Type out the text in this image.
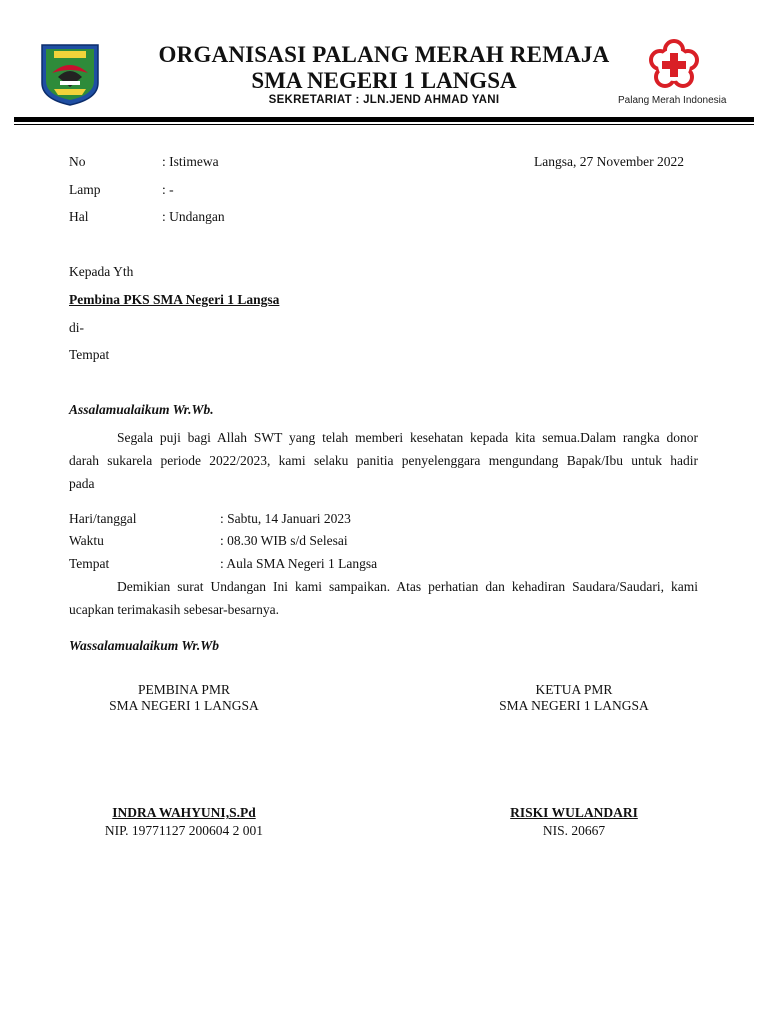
ORGANISASI PALANG MERAH REMAJA
SMA NEGERI 1 LANGSA
SEKRETARIAT : JLN.JEND AHMAD YANI	Palang Merah Indonesia
No	: Istimewa	Langsa, 27 November 2022
Lamp	: -
Hal	: Undangan
Kepada Yth
Pembina PKS SMA Negeri 1 Langsa
di-
Tempat
Assalamualaikum Wr.Wb.
Segala puji bagi Allah SWT yang telah memberi kesehatan kepada kita semua.Dalam rangka donor
darah sukarela periode 2022/2023, kami selaku panitia penyelenggara mengundang Bapak/Ibu untuk hadir
pada
Hari/tanggal	: Sabtu, 14 Januari 2023
Waktu	: 08.30 WIB s/d Selesai
Tempat	: Aula SMA Negeri 1 Langsa
Demikian surat Undangan Ini kami sampaikan. Atas perhatian dan kehadiran Saudara/Saudari, kami
ucapkan terimakasih sebesar-besarnya.
Wassalamualaikum Wr.Wb
PEMBINA PMR
SMA NEGERI 1 LANGSA
INDRA WAHYUNI,S.Pd
NIP. 19771127 200604 2 001
KETUA PMR
SMA NEGERI 1 LANGSA
RISKI WULANDARI
NIS. 20667
